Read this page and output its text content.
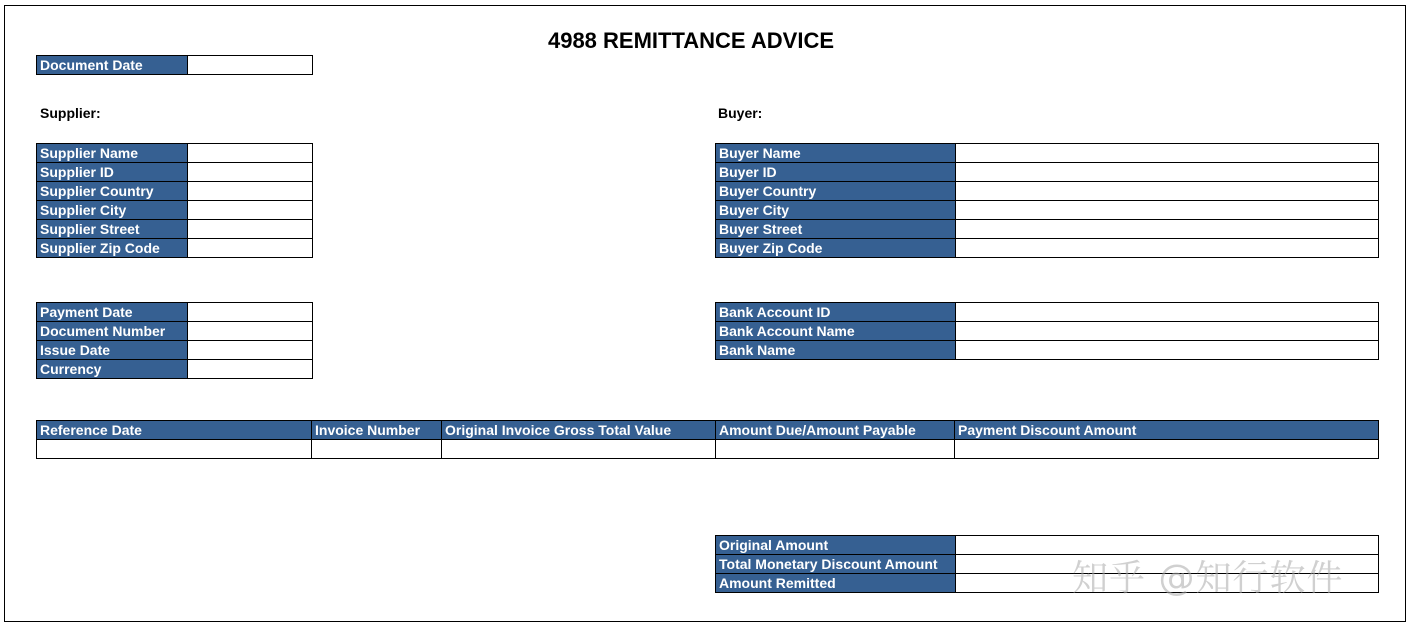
4988 REMITTANCE ADVICE
Document Date	
Supplier:	Buyer:
Supplier Name	
Supplier ID	
Supplier Country	
Supplier City	
Supplier Street	
Supplier Zip Code	
Buyer Name	
Buyer ID	
Buyer Country	
Buyer City	
Buyer Street	
Buyer Zip Code	
Payment Date	
Document Number	
Issue Date	
Currency	
Bank Account ID	
Bank Account Name	
Bank Name	
Reference Date	Invoice Number	Original Invoice Gross Total Value	Amount Due/Amount Payable	Payment Discount Amount

Original Amount	
Total Monetary Discount Amount	
Amount Remitted		知乎 @知行软件
